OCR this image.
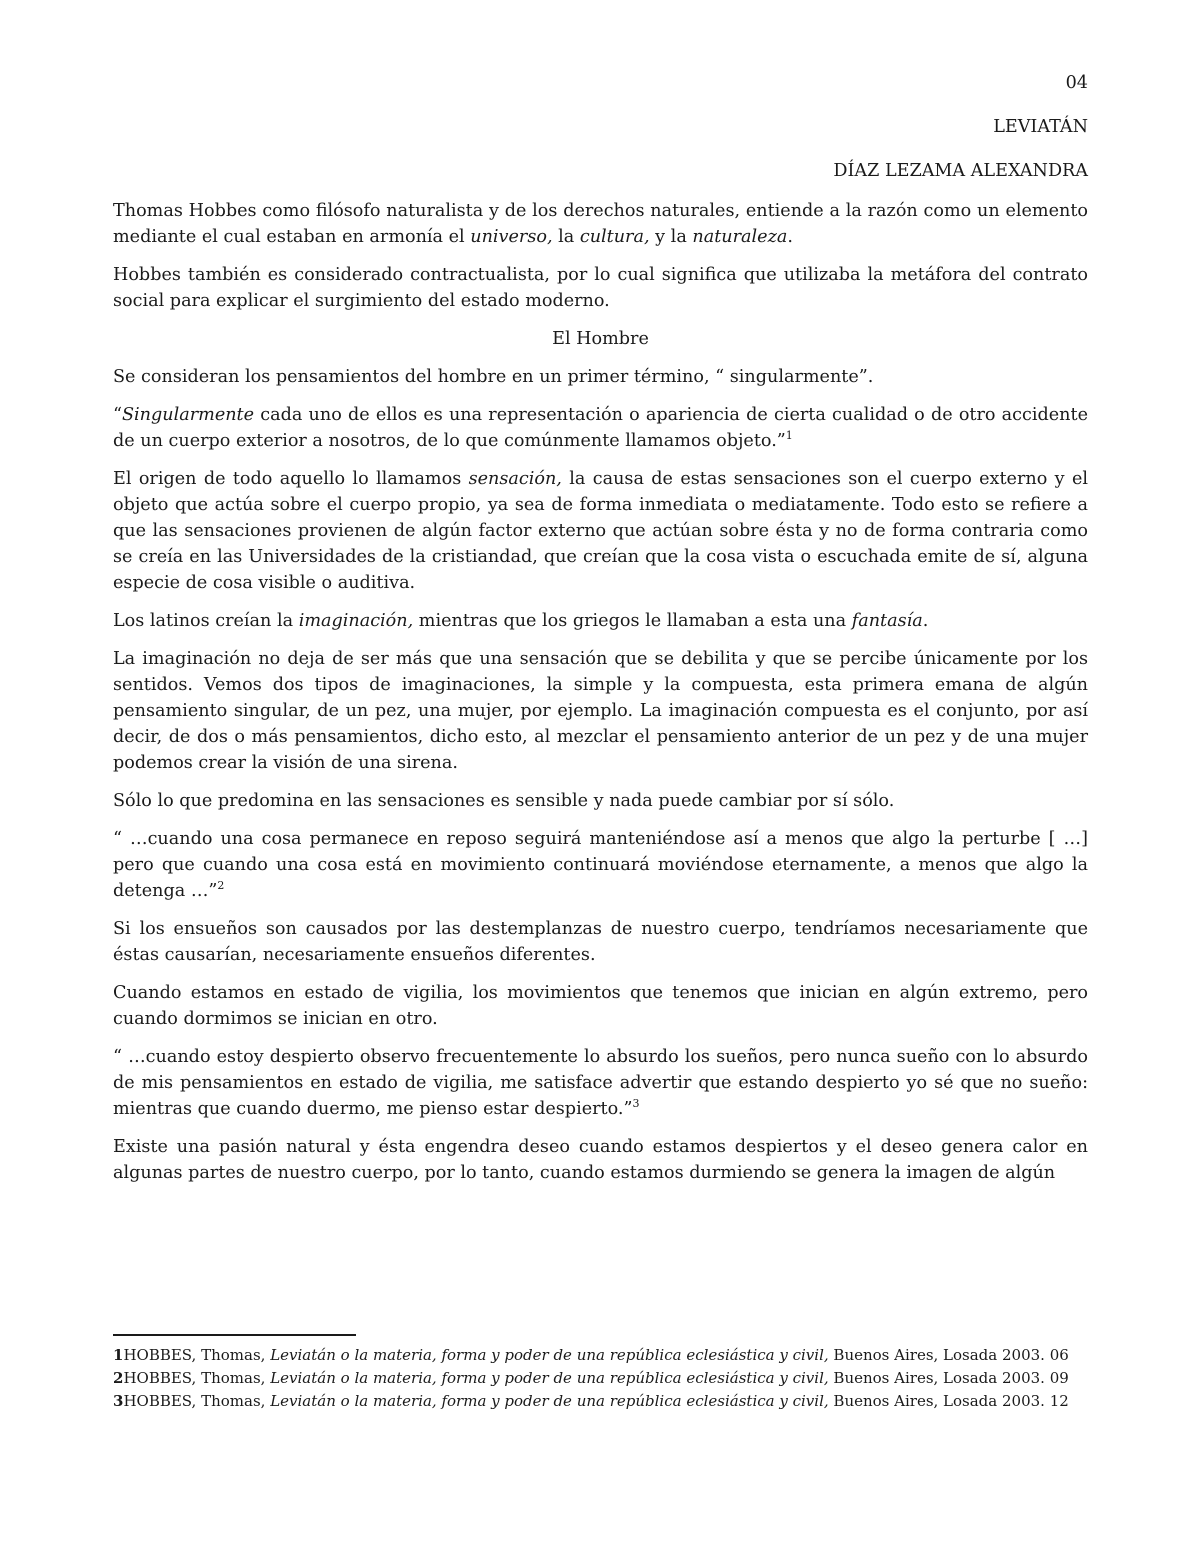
04
LEVIATÁN
DÍAZ LEZAMA ALEXANDRA

Thomas Hobbes como filósofo naturalista y de los derechos naturales, entiende a la razón como un elemento mediante el cual estaban en armonía el universo, la cultura, y la naturaleza.

Hobbes también es considerado contractualista, por lo cual significa que utilizaba la metáfora del contrato social para explicar el surgimiento del estado moderno.

El Hombre

Se consideran los pensamientos del hombre en un primer término, “ singularmente”.

“Singularmente cada uno de ellos es una representación o apariencia de cierta cualidad o de otro accidente de un cuerpo exterior a nosotros, de lo que comúnmente llamamos objeto.”$^1$

El origen de todo aquello lo llamamos sensación, la causa de estas sensaciones son el cuerpo externo y el objeto que actúa sobre el cuerpo propio, ya sea de forma inmediata o mediatamente. Todo esto se refiere a que las sensaciones provienen de algún factor externo que actúan sobre ésta y no de forma contraria como se creía en las Universidades de la cristiandad, que creían que la cosa vista o escuchada emite de sí, alguna especie de cosa visible o auditiva.

Los latinos creían la imaginación, mientras que los griegos le llamaban a esta una fantasía.

La imaginación no deja de ser más que una sensación que se debilita y que se percibe únicamente por los sentidos. Vemos dos tipos de imaginaciones, la simple y la compuesta, esta primera emana de algún pensamiento singular, de un pez, una mujer, por ejemplo. La imaginación compuesta es el conjunto, por así decir, de dos o más pensamientos, dicho esto, al mezclar el pensamiento anterior de un pez y de una mujer podemos crear la visión de una sirena.

Sólo lo que predomina en las sensaciones es sensible y nada puede cambiar por sí sólo.

“ …cuando una cosa permanece en reposo seguirá manteniéndose así a menos que algo la perturbe [ …] pero que cuando una cosa está en movimiento continuará moviéndose eternamente, a menos que algo la detenga …”$^2$

Si los ensueños son causados por las destemplanzas de nuestro cuerpo, tendríamos necesariamente que éstas causarían, necesariamente ensueños diferentes.

Cuando estamos en estado de vigilia, los movimientos que tenemos que inician en algún extremo, pero cuando dormimos se inician en otro.

“ …cuando estoy despierto observo frecuentemente lo absurdo los sueños, pero nunca sueño con lo absurdo de mis pensamientos en estado de vigilia, me satisface advertir que estando despierto yo sé que no sueño: mientras que cuando duermo, me pienso estar despierto.”$^3$

Existe una pasión natural y ésta engendra deseo cuando estamos despiertos y el deseo genera calor en algunas partes de nuestro cuerpo, por lo tanto, cuando estamos durmiendo se genera la imagen de algún

1HOBBES, Thomas, Leviatán o la materia, forma y poder de una república eclesiástica y civil, Buenos Aires, Losada 2003. 06
2HOBBES, Thomas, Leviatán o la materia, forma y poder de una república eclesiástica y civil, Buenos Aires, Losada 2003. 09
3HOBBES, Thomas, Leviatán o la materia, forma y poder de una república eclesiástica y civil, Buenos Aires, Losada 2003. 12
